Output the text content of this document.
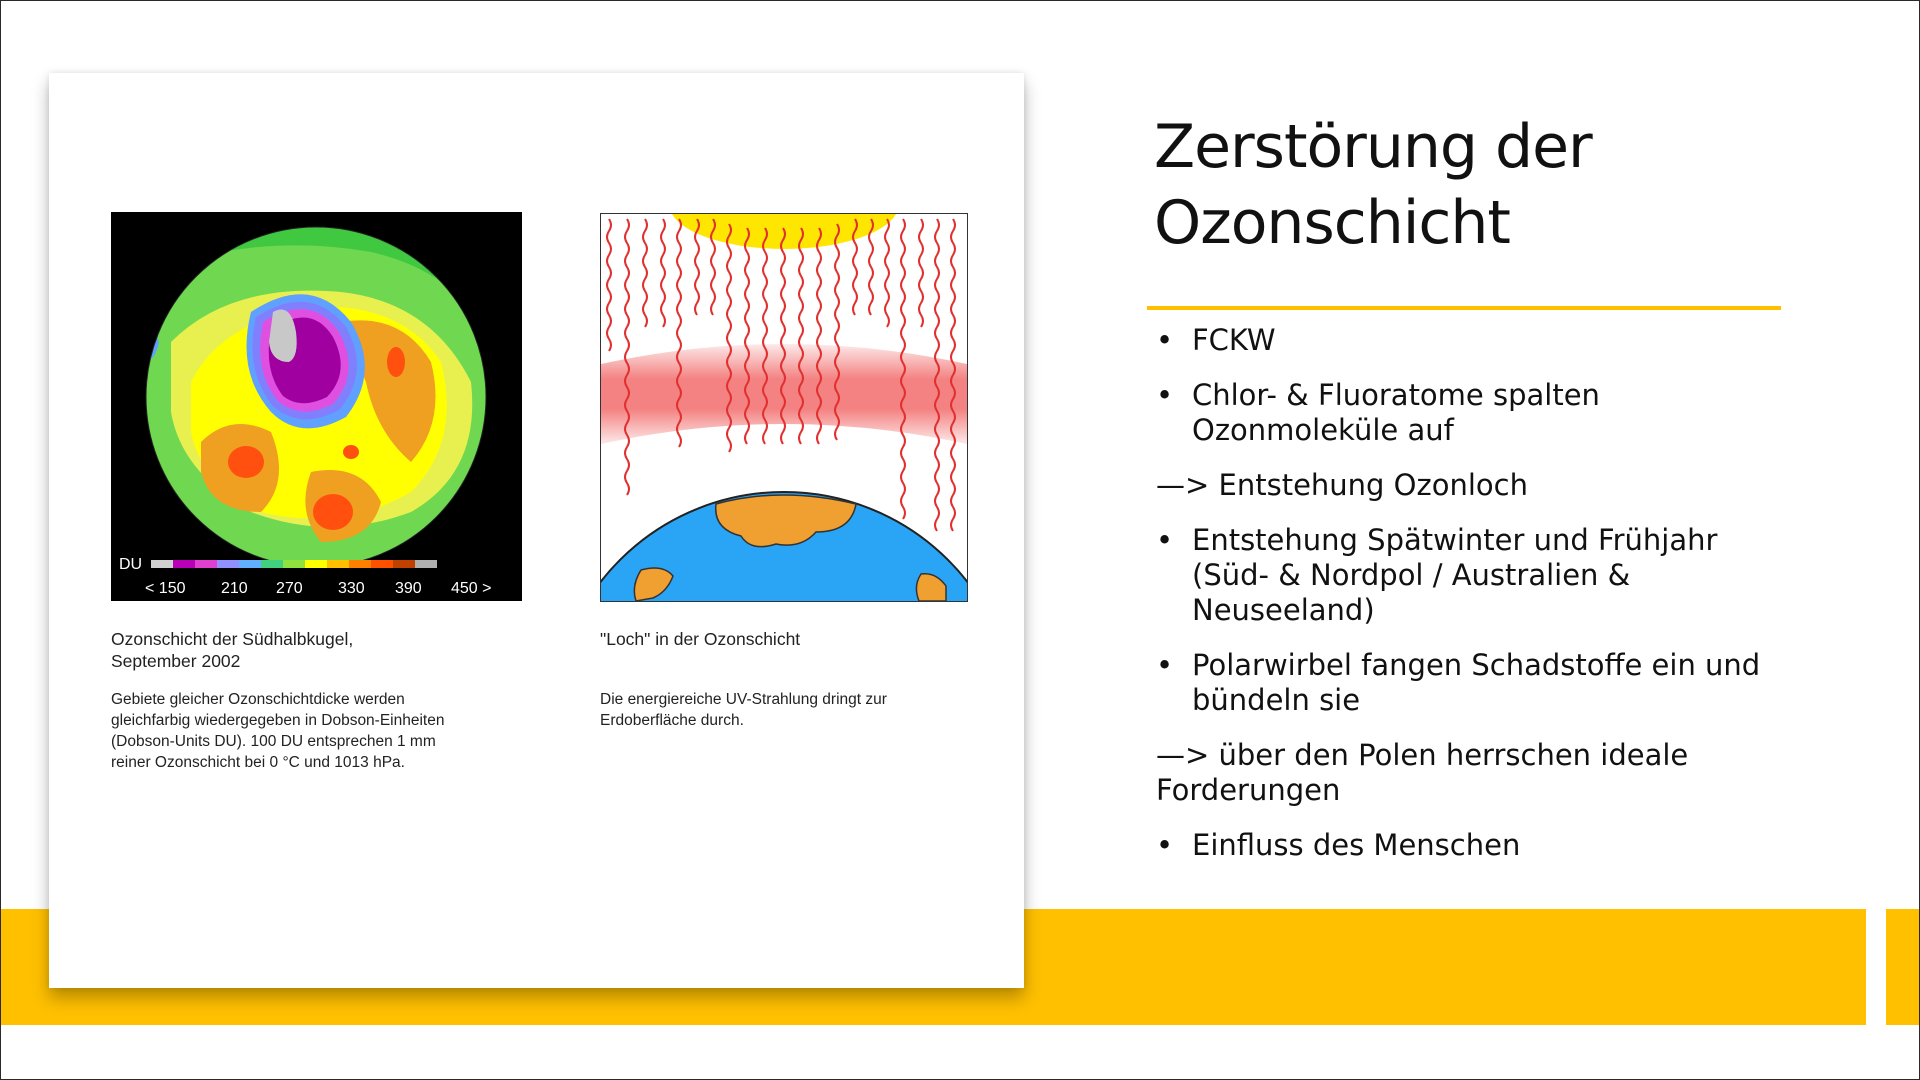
DU
< 150 210 270 330 390 450 >
Ozonschicht der Südhalbkugel,
September 2002
Gebiete gleicher Ozonschichtdicke werden
gleichfarbig wiedergegeben in Dobson-Einheiten
(Dobson-Units DU). 100 DU entsprechen 1 mm
reiner Ozonschicht bei 0 °C und 1013 hPa.
"Loch" in der Ozonschicht
Die energiereiche UV-Strahlung dringt zur
Erdoberfläche durch.
Zerstörung der
Ozonschicht
• FCKW
• Chlor- & Fluoratome spalten Ozonmoleküle auf
—> Entstehung Ozonloch
• Entstehung Spätwinter und Frühjahr (Süd- & Nordpol / Australien & Neuseeland)
• Polarwirbel fangen Schadstoffe ein und bündeln sie
—> über den Polen herrschen ideale Forderungen
• Einfluss des Menschen
